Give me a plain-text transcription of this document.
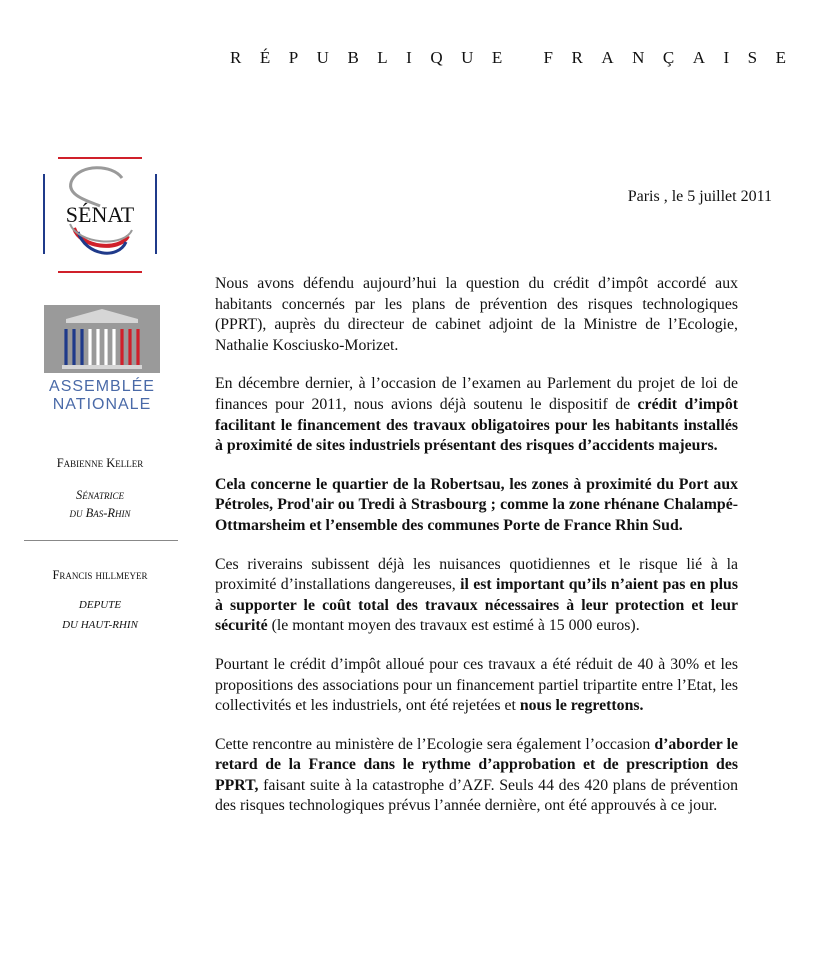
RÉPUBLIQUE FRANÇAISE
SÉNAT
ASSEMBLÉE
NATIONALE
Fabienne Keller
Sénatrice
du Bas-Rhin
Francis hillmeyer
DEPUTE
DU HAUT-RHIN
Paris , le 5 juillet 2011

Nous avons défendu aujourd’hui la question du crédit d’impôt accordé aux habitants concernés par les plans de prévention des risques technologiques (PPRT), auprès du directeur de cabinet adjoint de la Ministre de l’Ecologie, Nathalie Kosciusko-Morizet.

En décembre dernier, à l’occasion de l’examen au Parlement du projet de loi de finances pour 2011, nous avions déjà soutenu le dispositif de crédit d’impôt facilitant le financement des travaux obligatoires pour les habitants installés à proximité de sites industriels présentant des risques d’accidents majeurs.

Cela concerne le quartier de la Robertsau, les zones à proximité du Port aux Pétroles, Prod'air ou Tredi à Strasbourg ; comme la zone rhénane Chalampé-Ottmarsheim et l’ensemble des communes Porte de France Rhin Sud.

Ces riverains subissent déjà les nuisances quotidiennes et le risque lié à la proximité d’installations dangereuses, il est important qu’ils n’aient pas en plus à supporter le coût total des travaux nécessaires à leur protection et leur sécurité (le montant moyen des travaux est estimé à 15 000 euros).

Pourtant le crédit d’impôt alloué pour ces travaux a été réduit de 40 à 30% et les propositions des associations pour un financement partiel tripartite entre l’Etat, les collectivités et les industriels, ont été rejetées et nous le regrettons.

Cette rencontre au ministère de l’Ecologie sera également l’occasion d’aborder le retard de la France dans le rythme d’approbation et de prescription des PPRT, faisant suite à la catastrophe d’AZF. Seuls 44 des 420 plans de prévention des risques technologiques prévus l’année dernière, ont été approuvés à ce jour.
